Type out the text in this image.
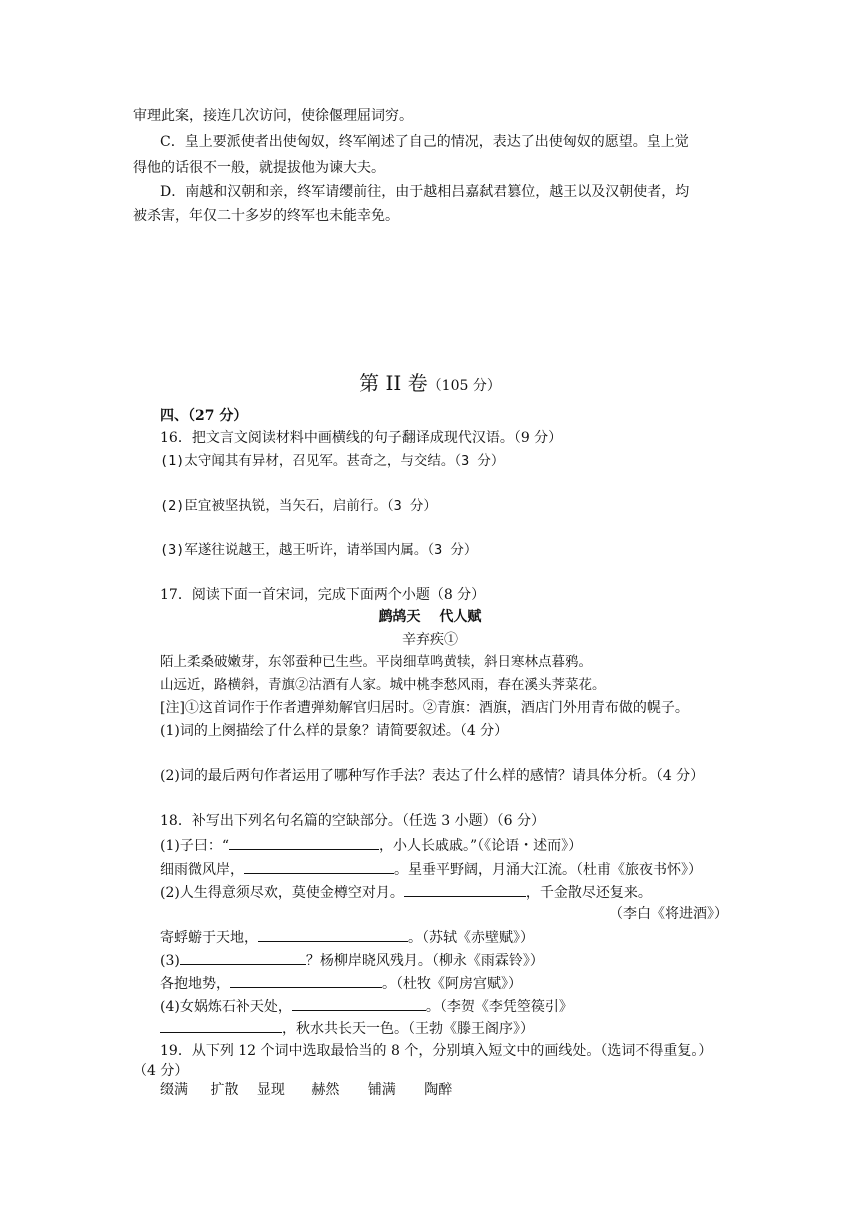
审理此案，接连几次访问，使徐偃理屈词穷。
C．皇上要派使者出使匈奴，终军阐述了自己的情况，表达了出使匈奴的愿望。皇上觉
得他的话很不一般，就提拔他为谏大夫。
D．南越和汉朝和亲，终军请缨前往，由于越相吕嘉弑君篡位，越王以及汉朝使者，均
被杀害，年仅二十多岁的终军也未能幸免。
第 II 卷（105 分）
四、（27 分）
16．把文言文阅读材料中画横线的句子翻译成现代汉语。（9 分）
(1)太守闻其有异材，召见军。甚奇之，与交结。（3 分）
(2)臣宜被坚执锐，当矢石，启前行。（3 分）
(3)军遂往说越王，越王听许，请举国内属。（3 分）
17．阅读下面一首宋词，完成下面两个小题（8 分）
鹧鸪天　 代人赋
辛弃疾①
陌上柔桑破嫩芽，东邻蚕种已生些。平岗细草鸣黄犊，斜日寒林点暮鸦。
山远近，路横斜，青旗②沽酒有人家。城中桃李愁风雨，春在溪头荠菜花。
[注]①这首词作于作者遭弹劾解官归居时。②青旗：酒旗，酒店门外用青布做的幌子。
(1)词的上阕描绘了什么样的景象？请简要叙述。（4 分）
(2)词的最后两句作者运用了哪种写作手法？表达了什么样的感情？请具体分析。（4 分）
18．补写出下列名句名篇的空缺部分。（任选 3 小题）（6 分）
(1)子曰：“	，小人长戚戚。”（《论语・述而》）
细雨微风岸，	。星垂平野阔，月涌大江流。（杜甫《旅夜书怀》）
(2)人生得意须尽欢，莫使金樽空对月。	，千金散尽还复来。
（李白《将进酒》）
寄蜉蝣于天地，	。（苏轼《赤壁赋》）
(3)	？杨柳岸晓风残月。（柳永《雨霖铃》）
各抱地势，	。（杜牧《阿房宫赋》）
(4)女娲炼石补天处，	。（李贺《李凭箜篌引》
，秋水共长天一色。（王勃《滕王阁序》）
19．从下列 12 个词中选取最恰当的 8 个，分别填入短文中的画线处。（选词不得重复。）
（4 分）
缀满 扩散 显现 赫然 铺满 陶醉
